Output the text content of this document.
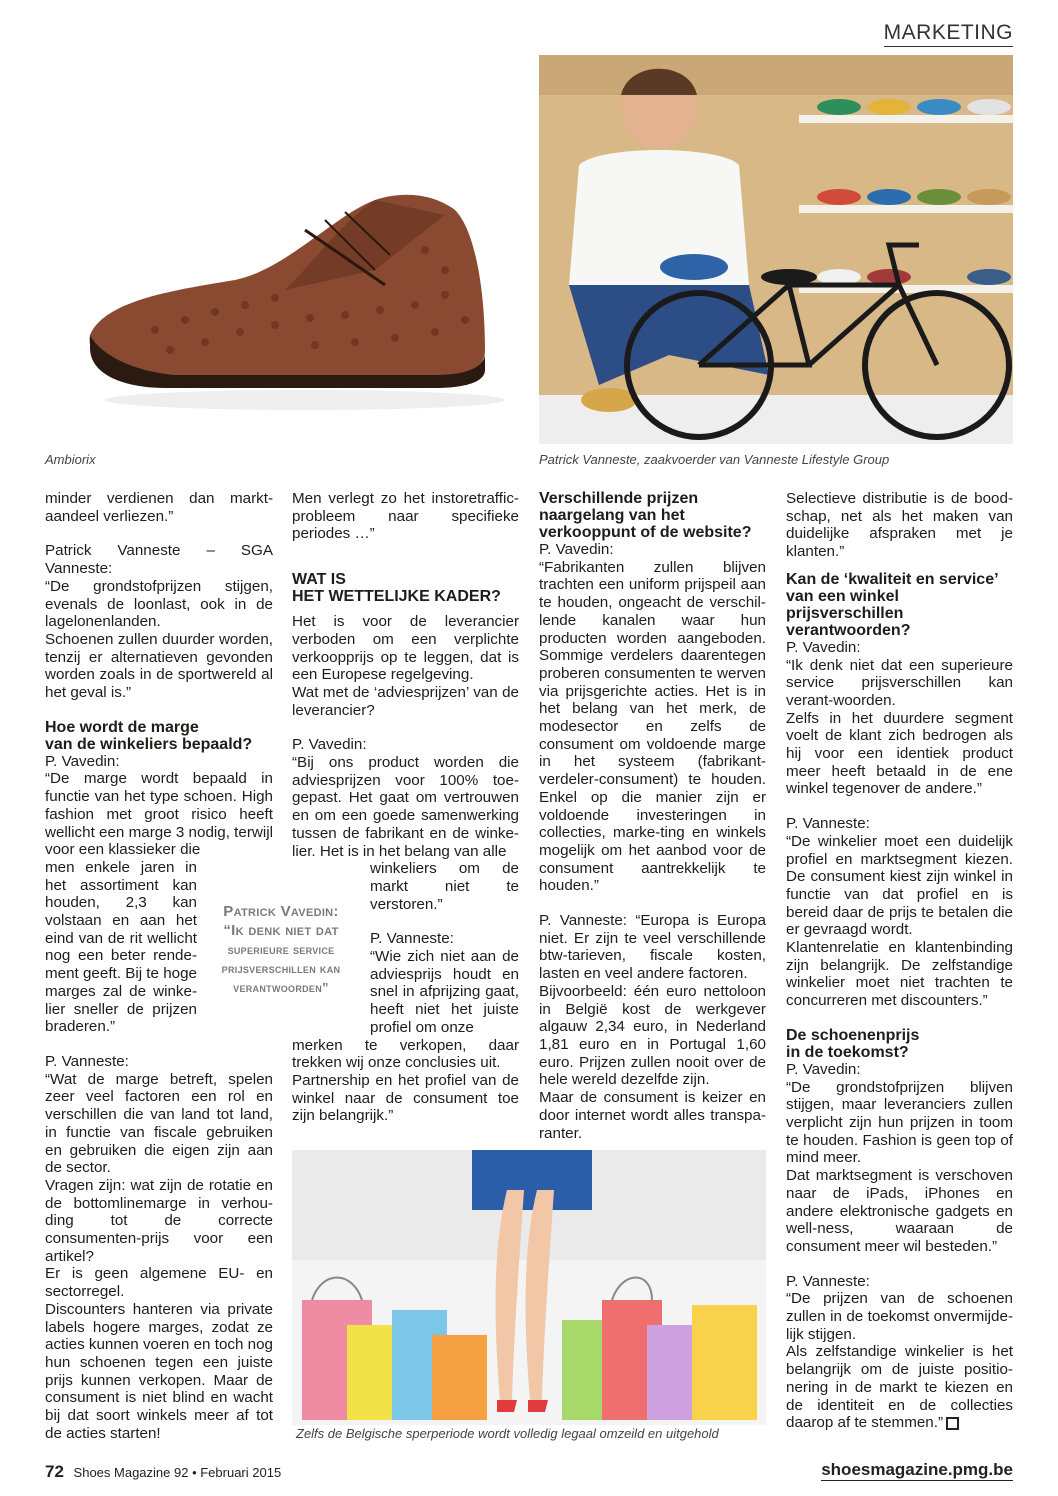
MARKETING
Ambiorix	Patrick Vanneste, zaakvoerder van Vanneste Lifestyle Group

minder verdienen dan markt-aandeel verliezen.”

Patrick Vanneste – SGA Vanneste:

“De grondstofprijzen stijgen, evenals de loonlast, ook in de lagelonenlanden.

Schoenen zullen duurder worden, tenzij er alternatieven gevonden worden zoals in de sportwereld al het geval is.”

Hoe wordt de marge

van de winkeliers bepaald?

P. Vavedin:

“De marge wordt bepaald in functie van het type schoen. High fashion met groot risico heeft wellicht een marge 3 nodig, terwijl voor een klassieker die

men enkele jaren in het assortiment kan houden, 2,3 kan volstaan en aan het eind van de rit wellicht nog een beter rende-ment geeft. Bij te hoge marges zal de winke-lier sneller de prijzen braderen.”

P. Vanneste:

“Wat de marge betreft, spelen zeer veel factoren een rol en verschillen die van land tot land, in functie van fiscale gebruiken en gebruiken die eigen zijn aan de sector.

Vragen zijn: wat zijn de rotatie en de bottomlinemarge in verhou-ding tot de correcte consumenten-prijs voor een artikel?

Er is geen algemene EU- en sectorregel.

Discounters hanteren via private labels hogere marges, zodat ze acties kunnen voeren en toch nog hun schoenen tegen een juiste prijs kunnen verkopen. Maar de consument is niet blind en wacht bij dat soort winkels meer af tot de acties starten!

Patrick Vavedin:
“Ik denk niet dat
superieure service
prijsverschillen kan
verantwoorden”

Men verlegt zo het instoretraffic-probleem naar specifieke periodes …”

WAT IS

HET WETTELIJKE KADER?

Het is voor de leverancier verboden om een verplichte verkoopprijs op te leggen, dat is een Europese regelgeving.

Wat met de ‘adviesprijzen’ van de leverancier?

P. Vavedin:

“Bij ons product worden die adviesprijzen voor 100% toe-gepast. Het gaat om vertrouwen en om een goede samenwerking tussen de fabrikant en de winke-lier. Het is in het belang van alle

winkeliers om de markt niet te verstoren.”

P. Vanneste:

“Wie zich niet aan de adviesprijs houdt en snel in afprijzing gaat, heeft niet het juiste profiel om onze

merken te verkopen, daar trekken wij onze conclusies uit.

Partnership en het profiel van de winkel naar de consument toe zijn belangrijk.”

Verschillende prijzen

naargelang van het

verkooppunt of de website?

P. Vavedin:

“Fabrikanten zullen blijven trachten een uniform prijspeil aan te houden, ongeacht de verschil-lende kanalen waar hun producten worden aangeboden. Sommige verdelers daarentegen proberen consumenten te werven via prijsgerichte acties. Het is in het belang van het merk, de modesector en zelfs de consument om voldoende marge in het systeem (fabrikant-verdeler-consument) te houden. Enkel op die manier zijn er voldoende investeringen in collecties, marke-ting en winkels mogelijk om het aanbod voor de consument aantrekkelijk te houden.”

P. Vanneste: “Europa is Europa niet. Er zijn te veel verschillende btw-tarieven, fiscale kosten, lasten en veel andere factoren.

Bijvoorbeeld: één euro nettoloon in België kost de werkgever algauw 2,34 euro, in Nederland 1,81 euro en in Portugal 1,60 euro. Prijzen zullen nooit over de hele wereld dezelfde zijn.

Maar de consument is keizer en door internet wordt alles transpa-ranter.

Selectieve distributie is de bood-schap, net als het maken van duidelijke afspraken met je klanten.”

Kan de ‘kwaliteit en service’

van een winkel prijsverschillen

verantwoorden?

P. Vavedin:

“Ik denk niet dat een superieure service prijsverschillen kan verant-woorden.

Zelfs in het duurdere segment voelt de klant zich bedrogen als hij voor een identiek product meer heeft betaald in de ene winkel tegenover de andere.”

P. Vanneste:

“De winkelier moet een duidelijk profiel en marktsegment kiezen. De consument kiest zijn winkel in functie van dat profiel en is bereid daar de prijs te betalen die er gevraagd wordt.

Klantenrelatie en klantenbinding zijn belangrijk. De zelfstandige winkelier moet niet trachten te concurreren met discounters.”

De schoenenprijs

in de toekomst?

P. Vavedin:

“De grondstofprijzen blijven stijgen, maar leveranciers zullen verplicht zijn hun prijzen in toom te houden. Fashion is geen top of mind meer.

Dat marktsegment is verschoven naar de iPads, iPhones en andere elektronische gadgets en well-ness, waaraan de consument meer wil besteden.”

P. Vanneste:

“De prijzen van de schoenen zullen in de toekomst onvermijde-lijk stijgen.

Als zelfstandige winkelier is het belangrijk om de juiste positio-nering in de markt te kiezen en de identiteit en de collecties daarop af te stemmen.”

Zelfs de Belgische sperperiode wordt volledig legaal omzeild en uitgehold
72 Shoes Magazine 92 • Februari 2015	shoesmagazine.pmg.be
